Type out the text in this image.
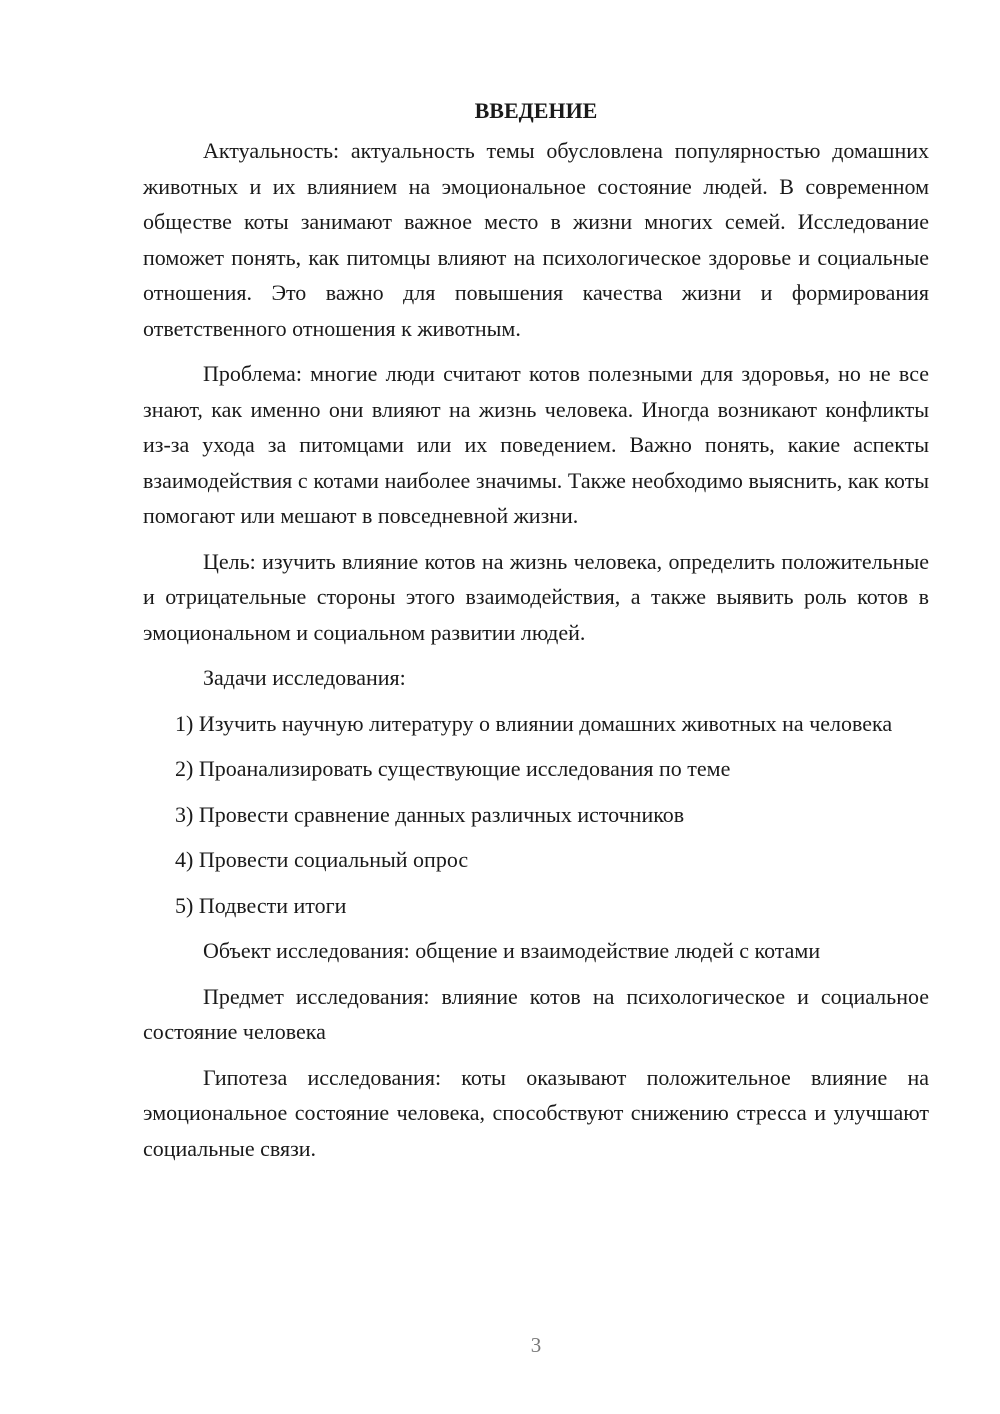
ВВЕДЕНИЕ

Актуальность: актуальность темы обусловлена популярностью домашних животных и их влиянием на эмоциональное состояние людей. В современном обществе коты занимают важное место в жизни многих семей. Исследование поможет понять, как питомцы влияют на психологическое здоровье и социальные отношения. Это важно для повышения качества жизни и формирования ответственного отношения к животным.

Проблема: многие люди считают котов полезными для здоровья, но не все знают, как именно они влияют на жизнь человека. Иногда возникают конфликты из-за ухода за питомцами или их поведением. Важно понять, какие аспекты взаимодействия с котами наиболее значимы. Также необходимо выяснить, как коты помогают или мешают в повседневной жизни.

Цель: изучить влияние котов на жизнь человека, определить положительные и отрицательные стороны этого взаимодействия, а также выявить роль котов в эмоциональном и социальном развитии людей.

Задачи исследования:

1) Изучить научную литературу о влиянии домашних животных на человека

2) Проанализировать существующие исследования по теме

3) Провести сравнение данных различных источников

4) Провести социальный опрос

5) Подвести итоги

Объект исследования: общение и взаимодействие людей с котами

Предмет исследования: влияние котов на психологическое и социальное состояние человека

Гипотеза исследования: коты оказывают положительное влияние на эмоциональное состояние человека, способствуют снижению стресса и улучшают социальные связи.

3
